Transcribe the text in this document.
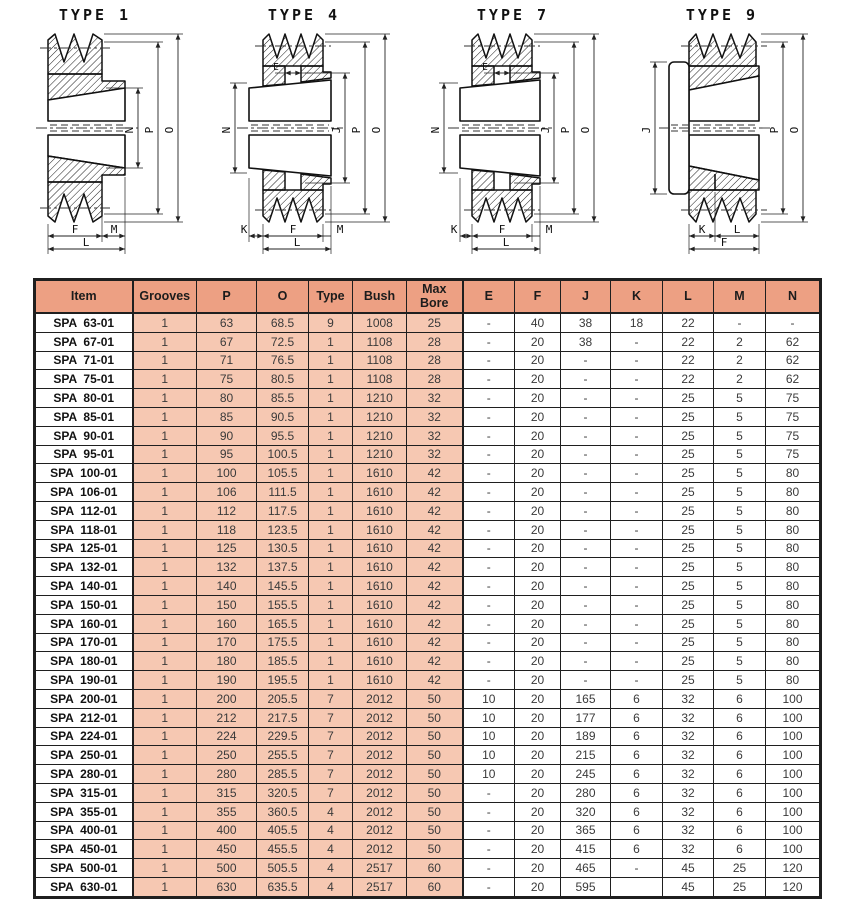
TYPE 1
N P O
F	M
L
TYPE 4
E
N	J P O
K	F	M
L
TYPE 7
E
N	J P O
K	F	M
L
TYPE 9
J	P O
K	L
F
Item	Grooves	P	O	Type	Bush	Max Bore	E	F	J	K	L	M	N
SPA  63-01	1	63	68.5	9	1008	25	-	40	38	18	22	-	-
SPA  67-01	1	67	72.5	1	1108	28	-	20	38	-	22	2	62
SPA  71-01	1	71	76.5	1	1108	28	-	20	-	-	22	2	62
SPA  75-01	1	75	80.5	1	1108	28	-	20	-	-	22	2	62
SPA  80-01	1	80	85.5	1	1210	32	-	20	-	-	25	5	75
SPA  85-01	1	85	90.5	1	1210	32	-	20	-	-	25	5	75
SPA  90-01	1	90	95.5	1	1210	32	-	20	-	-	25	5	75
SPA  95-01	1	95	100.5	1	1210	32	-	20	-	-	25	5	75
SPA  100-01	1	100	105.5	1	1610	42	-	20	-	-	25	5	80
SPA  106-01	1	106	111.5	1	1610	42	-	20	-	-	25	5	80
SPA  112-01	1	112	117.5	1	1610	42	-	20	-	-	25	5	80
SPA  118-01	1	118	123.5	1	1610	42	-	20	-	-	25	5	80
SPA  125-01	1	125	130.5	1	1610	42	-	20	-	-	25	5	80
SPA  132-01	1	132	137.5	1	1610	42	-	20	-	-	25	5	80
SPA  140-01	1	140	145.5	1	1610	42	-	20	-	-	25	5	80
SPA  150-01	1	150	155.5	1	1610	42	-	20	-	-	25	5	80
SPA  160-01	1	160	165.5	1	1610	42	-	20	-	-	25	5	80
SPA  170-01	1	170	175.5	1	1610	42	-	20	-	-	25	5	80
SPA  180-01	1	180	185.5	1	1610	42	-	20	-	-	25	5	80
SPA  190-01	1	190	195.5	1	1610	42	-	20	-	-	25	5	80
SPA  200-01	1	200	205.5	7	2012	50	10	20	165	6	32	6	100
SPA  212-01	1	212	217.5	7	2012	50	10	20	177	6	32	6	100
SPA  224-01	1	224	229.5	7	2012	50	10	20	189	6	32	6	100
SPA  250-01	1	250	255.5	7	2012	50	10	20	215	6	32	6	100
SPA  280-01	1	280	285.5	7	2012	50	10	20	245	6	32	6	100
SPA  315-01	1	315	320.5	7	2012	50	-	20	280	6	32	6	100
SPA  355-01	1	355	360.5	4	2012	50	-	20	320	6	32	6	100
SPA  400-01	1	400	405.5	4	2012	50	-	20	365	6	32	6	100
SPA  450-01	1	450	455.5	4	2012	50	-	20	415	6	32	6	100
SPA  500-01	1	500	505.5	4	2517	60	-	20	465	-	45	25	120
SPA  630-01	1	630	635.5	4	2517	60	-	20	595		45	25	120
